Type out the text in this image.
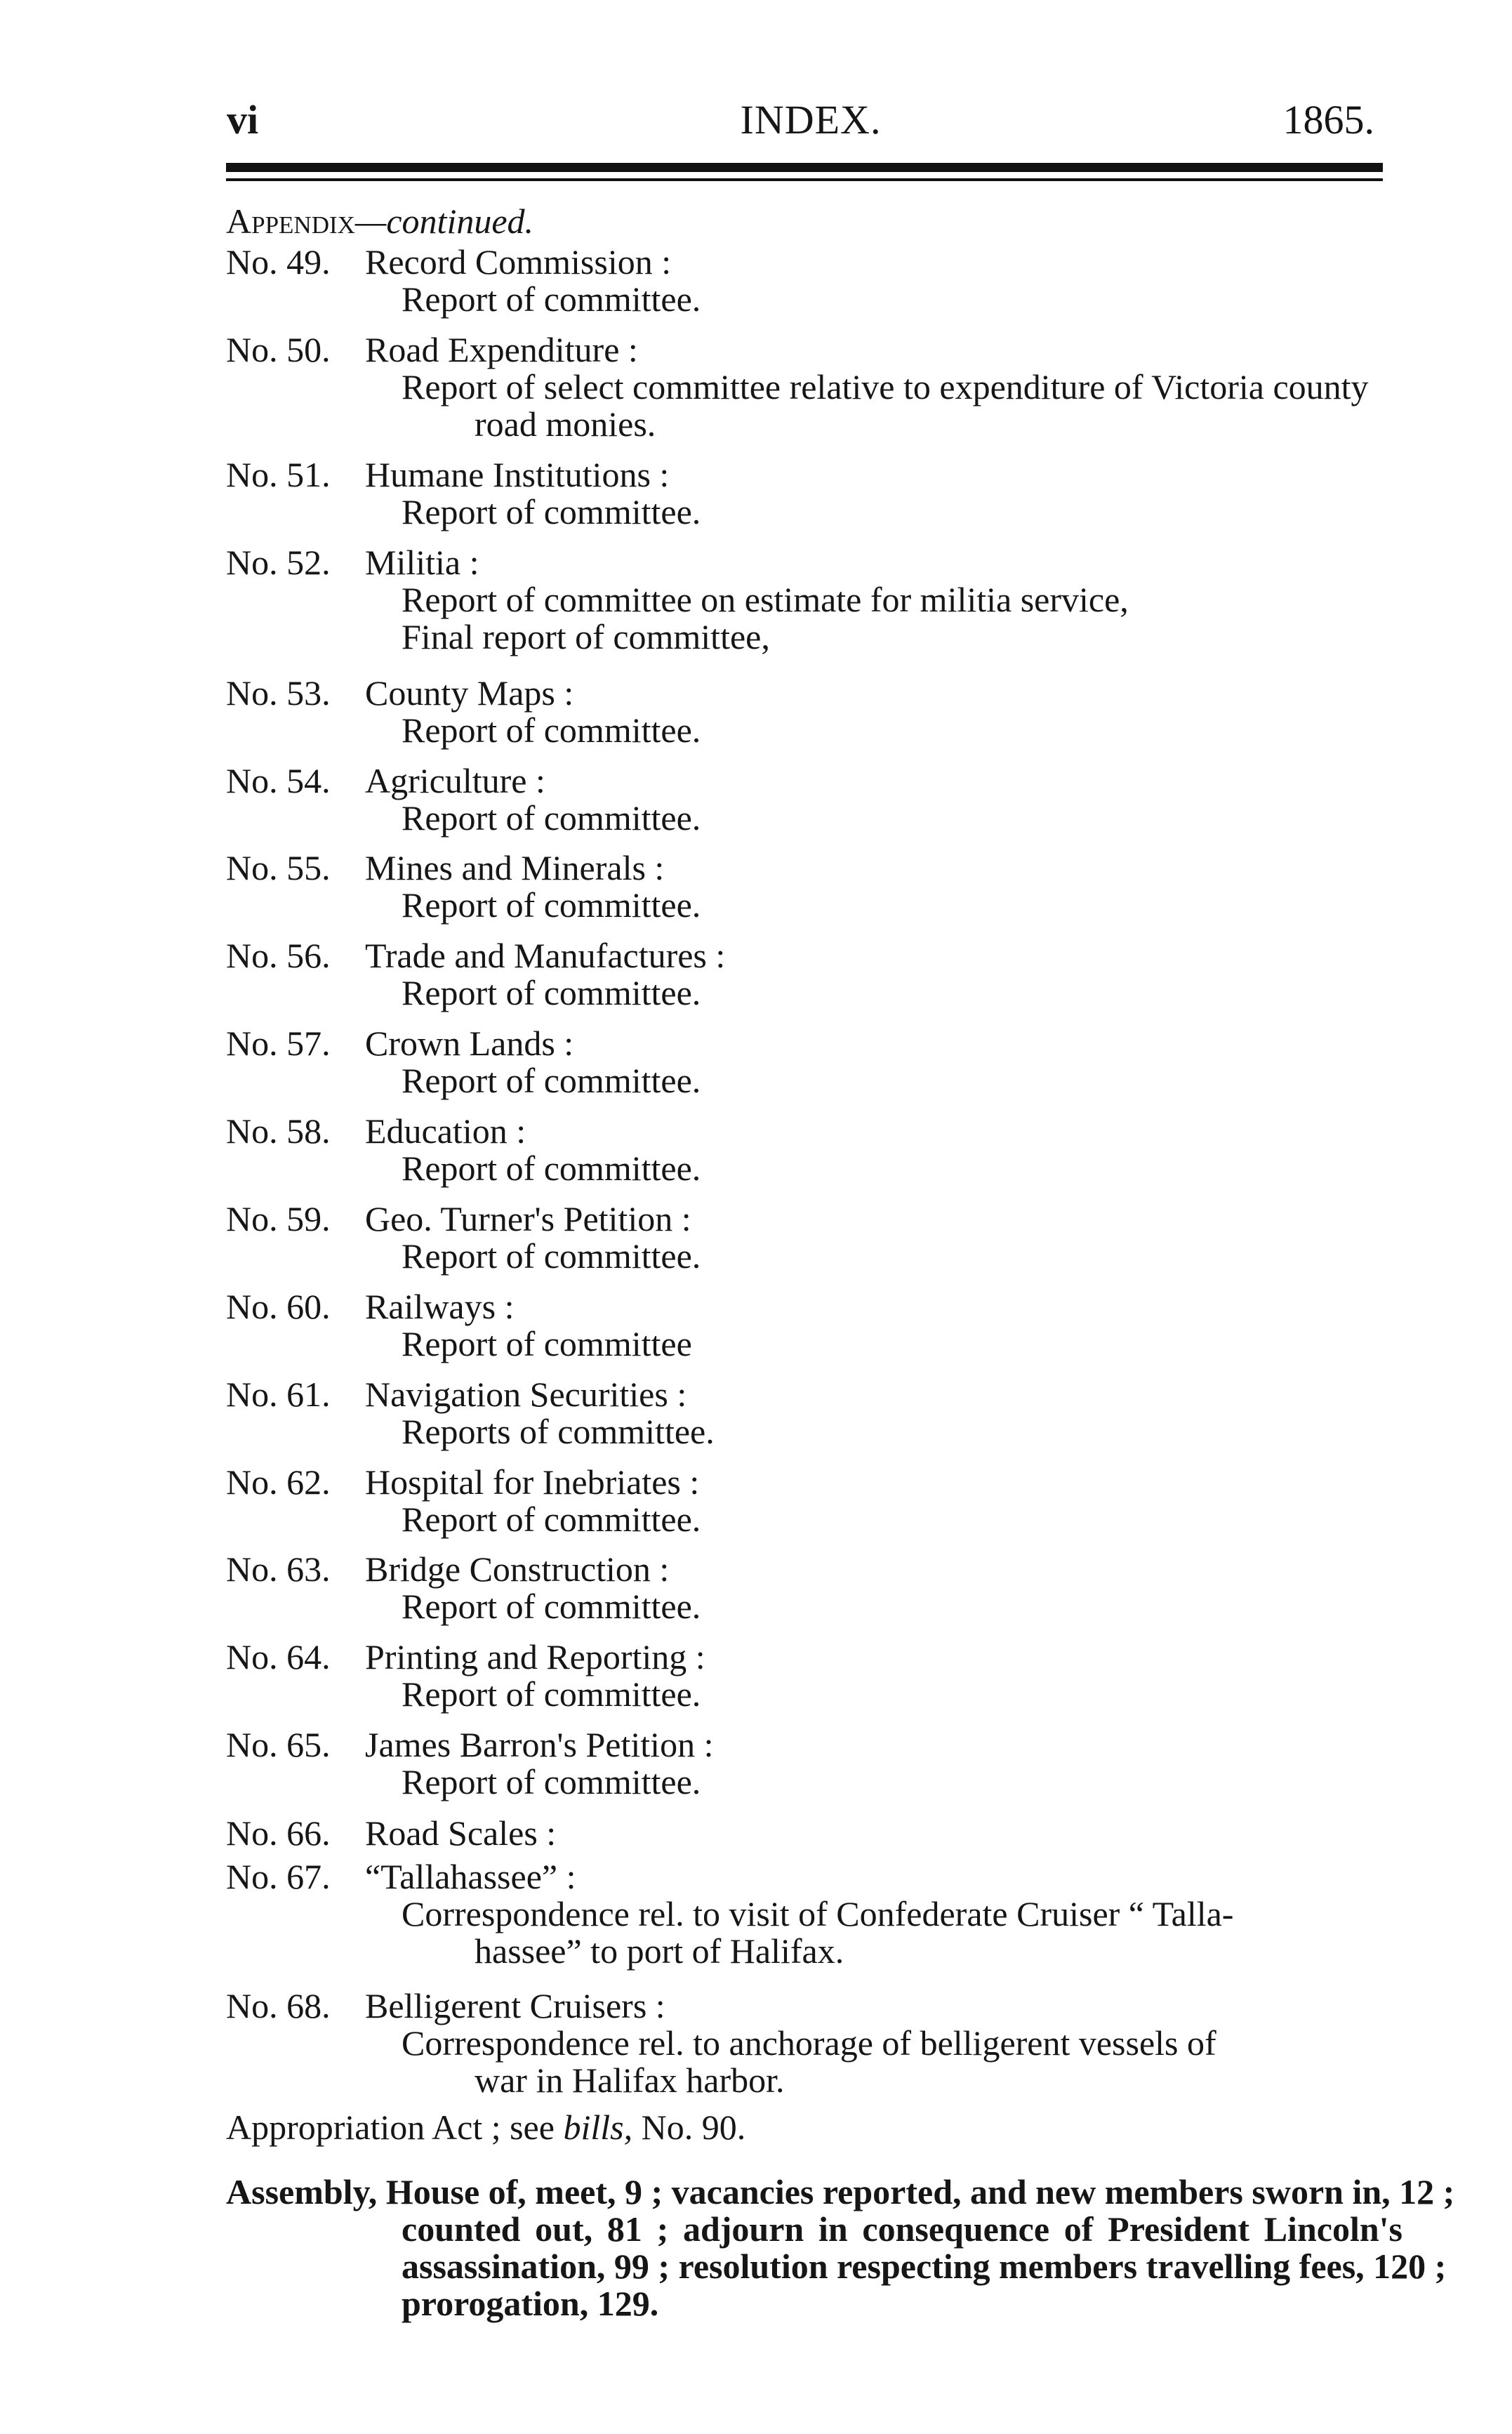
vi	INDEX.	1865.
Appendix—continued.
No. 49. Record Commission :
Report of committee.
No. 50. Road Expenditure :
Report of select committee relative to expenditure of Victoria county
road monies.
No. 51. Humane Institutions :
Report of committee.
No. 52. Militia :
Report of committee on estimate for militia service,
Final report of committee,
No. 53. County Maps :
Report of committee.
No. 54. Agriculture :
Report of committee.
No. 55. Mines and Minerals :
Report of committee.
No. 56. Trade and Manufactures :
Report of committee.
No. 57. Crown Lands :
Report of committee.
No. 58. Education :
Report of committee.
No. 59. Geo. Turner's Petition :
Report of committee.
No. 60. Railways :
Report of committee
No. 61. Navigation Securities :
Reports of committee.
No. 62. Hospital for Inebriates :
Report of committee.
No. 63. Bridge Construction :
Report of committee.
No. 64. Printing and Reporting :
Report of committee.
No. 65. James Barron's Petition :
Report of committee.
No. 66. Road Scales :
No. 67. “Tallahassee” :
Correspondence rel. to visit of Confederate Cruiser “ Talla-
hassee” to port of Halifax.
No. 68. Belligerent Cruisers :
Correspondence rel. to anchorage of belligerent vessels of
war in Halifax harbor.
Appropriation Act ; see bills, No. 90.
Assembly, House of, meet, 9 ; vacancies reported, and new members sworn in, 12 ;
counted out, 81 ; adjourn in consequence of President Lincoln's
assassination, 99 ; resolution respecting members travelling fees, 120 ;
prorogation, 129.
